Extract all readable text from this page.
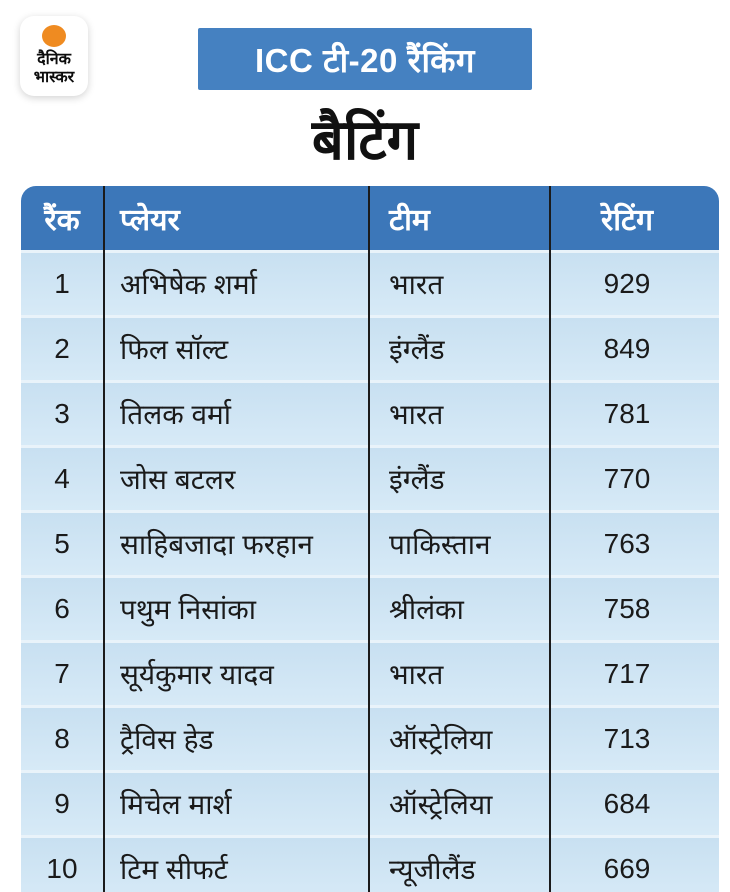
दैनिक
भास्कर	ICC टी-20 रैंकिंग
बैटिंग
रैंक	प्लेयर	टीम	रेटिंग
1	अभिषेक शर्मा	भारत	929
2	फिल सॉल्ट	इंग्लैंड	849
3	तिलक वर्मा	भारत	781
4	जोस बटलर	इंग्लैंड	770
5	साहिबजादा फरहान	पाकिस्तान	763
6	पथुम निसांका	श्रीलंका	758
7	सूर्यकुमार यादव	भारत	717
8	ट्रैविस हेड	ऑस्ट्रेलिया	713
9	मिचेल मार्श	ऑस्ट्रेलिया	684
10	टिम सीफर्ट	न्यूजीलैंड	669
